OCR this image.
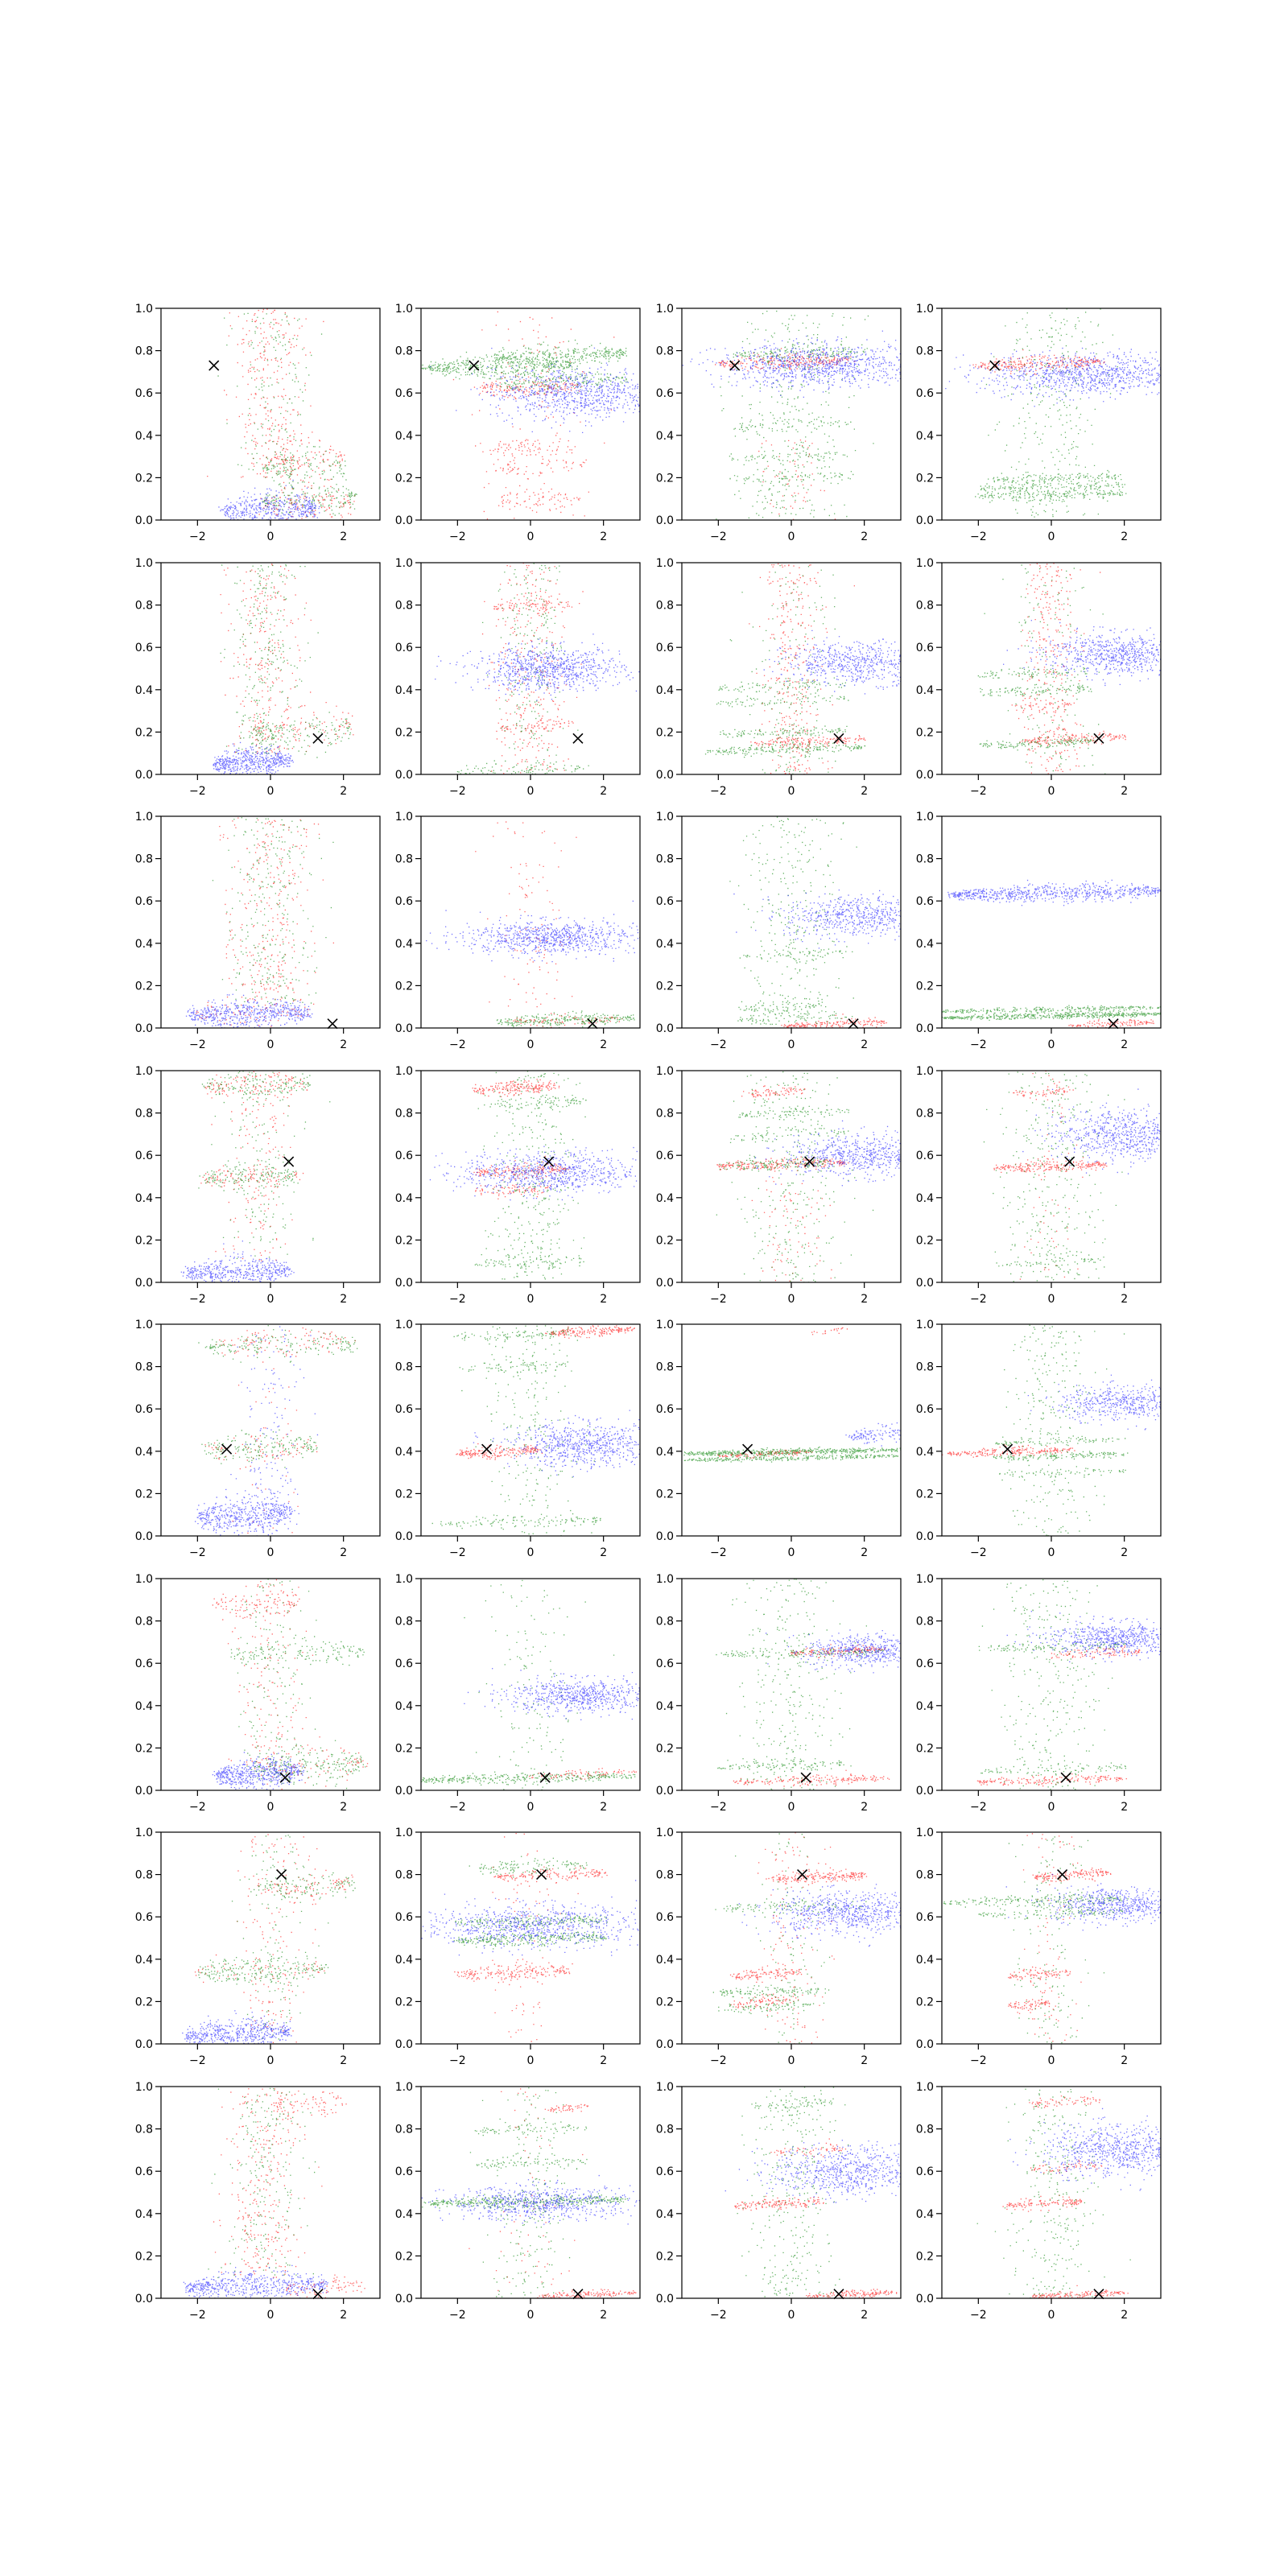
−2	0	2
0.0
0.2
0.4
0.6
0.8
1.0
−2	0	2
0.0
0.2
0.4
0.6
0.8
1.0
−2	0	2
0.0
0.2
0.4
0.6
0.8
1.0
−2	0	2
0.0
0.2
0.4
0.6
0.8
1.0
−2	0	2
0.0
0.2
0.4
0.6
0.8
1.0
−2	0	2
0.0
0.2
0.4
0.6
0.8
1.0
−2	0	2
0.0
0.2
0.4
0.6
0.8
1.0
−2	0	2
0.0
0.2
0.4
0.6
0.8
1.0
−2	0	2
0.0
0.2
0.4
0.6
0.8
1.0
−2	0	2
0.0
0.2
0.4
0.6
0.8
1.0
−2	0	2
0.0
0.2
0.4
0.6
0.8
1.0
−2	0	2
0.0
0.2
0.4
0.6
0.8
1.0
−2	0	2
0.0
0.2
0.4
0.6
0.8
1.0
−2	0	2
0.0
0.2
0.4
0.6
0.8
1.0
−2	0	2
0.0
0.2
0.4
0.6
0.8
1.0
−2	0	2
0.0
0.2
0.4
0.6
0.8
1.0
−2	0	2
0.0
0.2
0.4
0.6
0.8
1.0
−2	0	2
0.0
0.2
0.4
0.6
0.8
1.0
−2	0	2
0.0
0.2
0.4
0.6
0.8
1.0
−2	0	2
0.0
0.2
0.4
0.6
0.8
1.0
−2	0	2
0.0
0.2
0.4
0.6
0.8
1.0
−2	0	2
0.0
0.2
0.4
0.6
0.8
1.0
−2	0	2
0.0
0.2
0.4
0.6
0.8
1.0
−2	0	2
0.0
0.2
0.4
0.6
0.8
1.0
−2	0	2
0.0
0.2
0.4
0.6
0.8
1.0
−2	0	2
0.0
0.2
0.4
0.6
0.8
1.0
−2	0	2
0.0
0.2
0.4
0.6
0.8
1.0
−2	0	2
0.0
0.2
0.4
0.6
0.8
1.0
−2	0	2
0.0
0.2
0.4
0.6
0.8
1.0
−2	0	2
0.0
0.2
0.4
0.6
0.8
1.0
−2	0	2
0.0
0.2
0.4
0.6
0.8
1.0
−2	0	2
0.0
0.2
0.4
0.6
0.8
1.0
